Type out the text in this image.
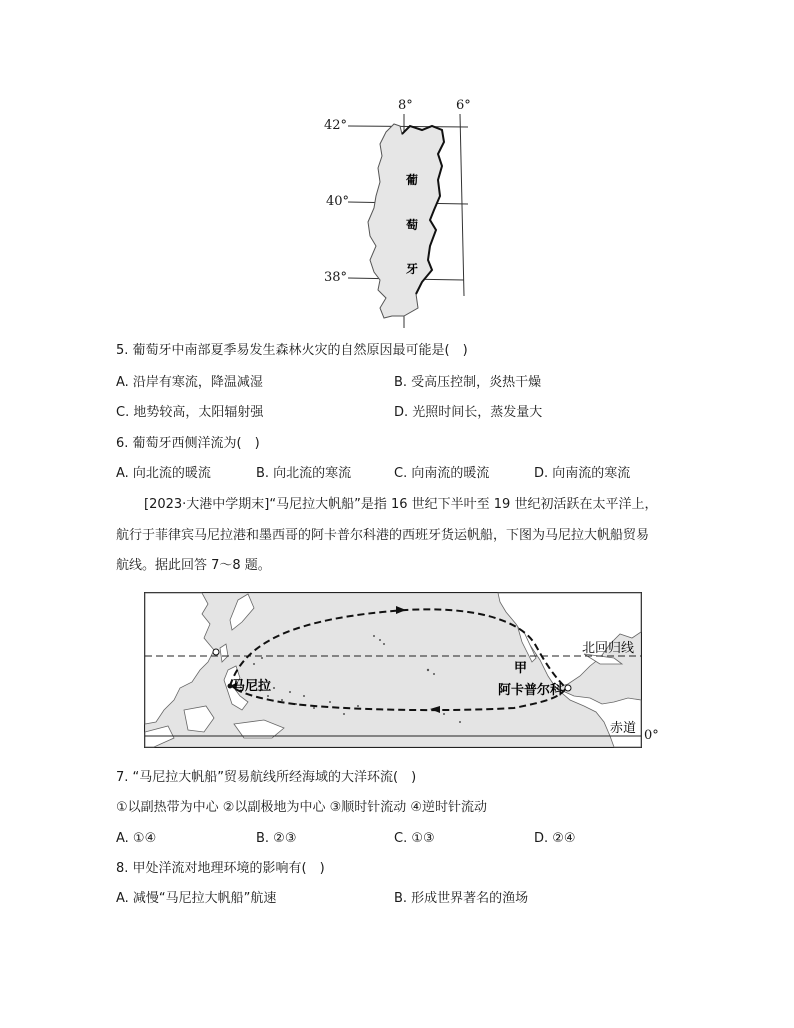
葡
萄
牙
8°	6°
42°
40°
38°
5. 葡萄牙中南部夏季易发生森林火灾的自然原因最可能是(　)
A. 沿岸有寒流，降温减湿	B. 受高压控制，炎热干燥
C. 地势较高，太阳辐射强	D. 光照时间长，蒸发量大
6. 葡萄牙西侧洋流为(　)
A. 向北流的暖流	B. 向北流的寒流	C. 向南流的暖流	D. 向南流的寒流
[2023·大港中学期末]“马尼拉大帆船”是指 16 世纪下半叶至 19 世纪初活跃在太平洋上，
航行于菲律宾马尼拉港和墨西哥的阿卡普尔科港的西班牙货运帆船，下图为马尼拉大帆船贸易
航线。据此回答 7～8 题。
马尼拉
甲
阿卡普尔科
北回归线
赤道 0°
7. “马尼拉大帆船”贸易航线所经海域的大洋环流(　)
①以副热带为中心 ②以副极地为中心 ③顺时针流动 ④逆时针流动
A. ①④	B. ②③	C. ①③	D. ②④
8. 甲处洋流对地理环境的影响有(　)
A. 减慢“马尼拉大帆船”航速	B. 形成世界著名的渔场
